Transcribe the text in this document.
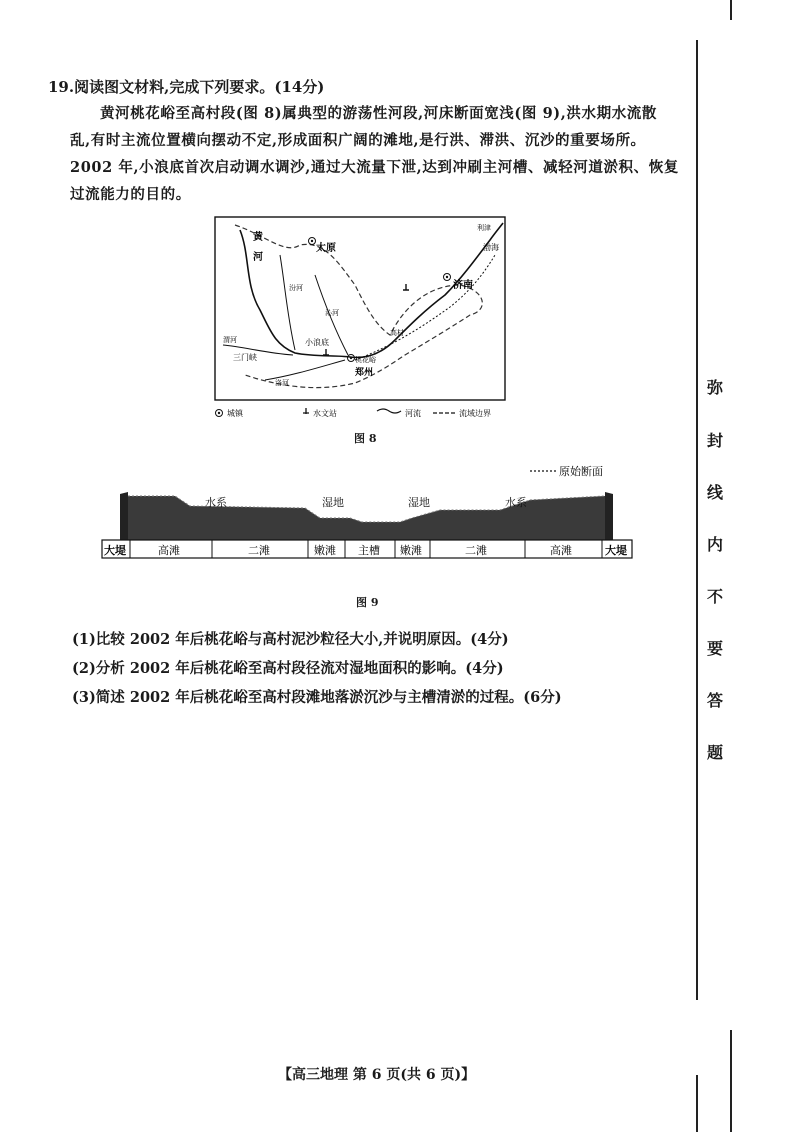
19.阅读图文材料,完成下列要求。(14分)
黄河桃花峪至高村段(图 8)属典型的游荡性河段,河床断面宽浅(图 9),洪水期水流散
乱,有时主流位置横向摆动不定,形成面积广阔的滩地,是行洪、滞洪、沉沙的重要场所。
2002 年,小浪底首次启动调水调沙,通过大流量下泄,达到冲刷主河槽、减轻河道淤积、恢复
过流能力的目的。
黄
河
太原
济南
三门峡
小浪底
郑州
桃花峪
高村
利津
渤海
洛河
渭河
汾河
沁河
城镇	水文站	河流	流域边界
图 8
原始断面
水系	湿地	湿地	水系
大堤	高滩	二滩	嫩滩 主槽 嫩滩	二滩	高滩	大堤
图 9
(1)比较 2002 年后桃花峪与高村泥沙粒径大小,并说明原因。(4分)
(2)分析 2002 年后桃花峪至高村段径流对湿地面积的影响。(4分)
(3)简述 2002 年后桃花峪至高村段滩地落淤沉沙与主槽清淤的过程。(6分)
弥
封
线
内
不
要
答
题
【高三地理 第 6 页(共 6 页)】
